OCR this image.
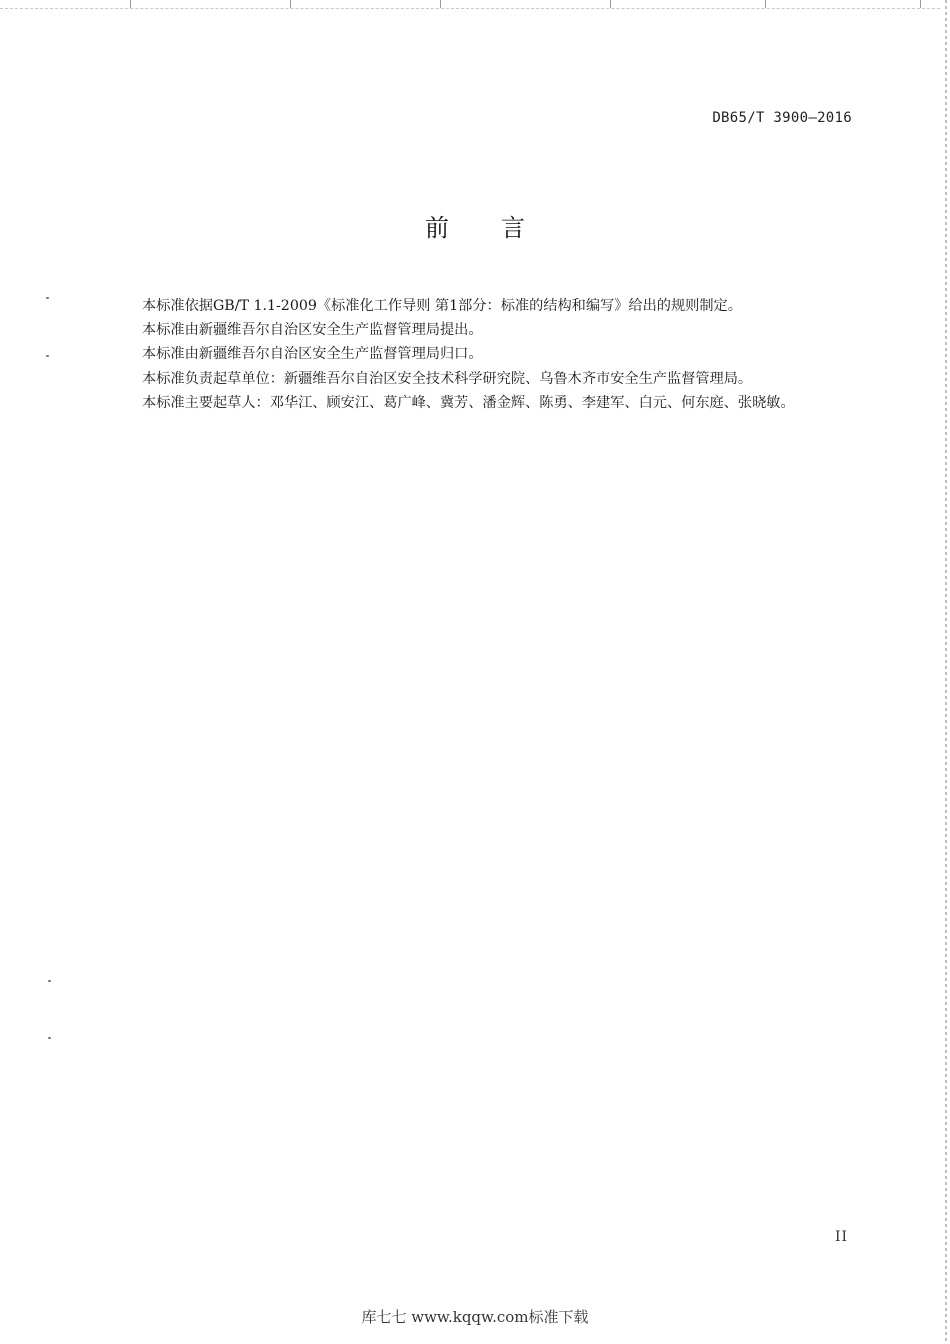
DB65/T 3900—2016
前言

本标准依据GB/T 1.1-2009《标准化工作导则 第1部分：标准的结构和编写》给出的规则制定。

本标准由新疆维吾尔自治区安全生产监督管理局提出。

本标准由新疆维吾尔自治区安全生产监督管理局归口。

本标准负责起草单位：新疆维吾尔自治区安全技术科学研究院、乌鲁木齐市安全生产监督管理局。

本标准主要起草人：邓华江、顾安江、葛广峰、冀芳、潘金辉、陈勇、李建军、白元、何东庭、张晓敏。

II
库七七 www.kqqw.com标准下载
